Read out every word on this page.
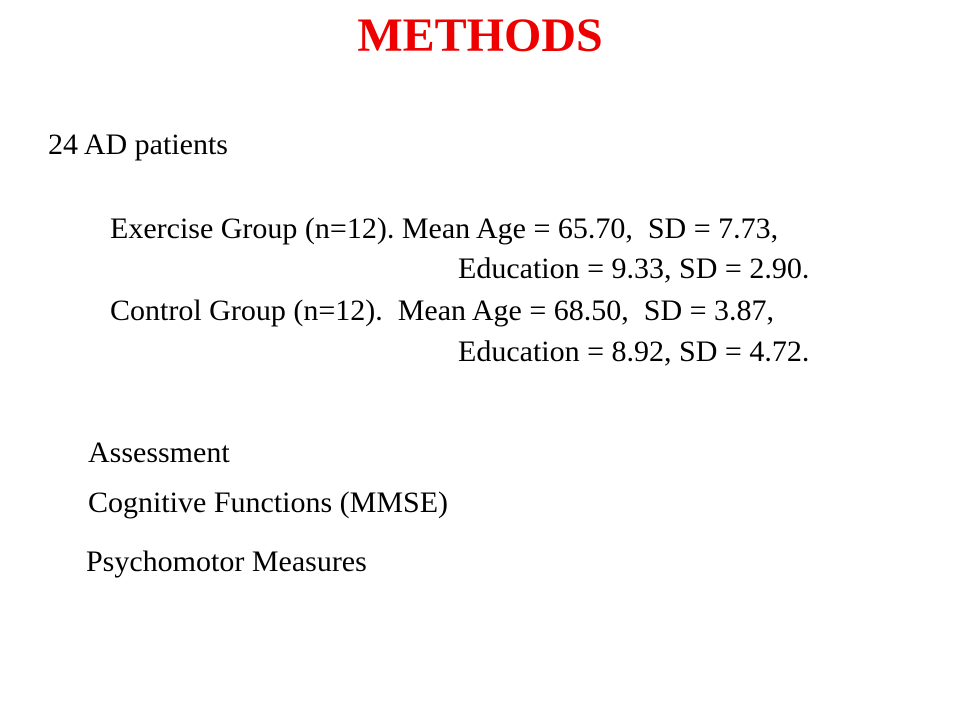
METHODS
24 AD patients
Exercise Group (n=12). Mean Age = 65.70,  SD = 7.73,
Education = 9.33, SD = 2.90.
Control Group (n=12).  Mean Age = 68.50,  SD = 3.87,
Education = 8.92, SD = 4.72.
Assessment
Cognitive Functions (MMSE)
Psychomotor Measures
